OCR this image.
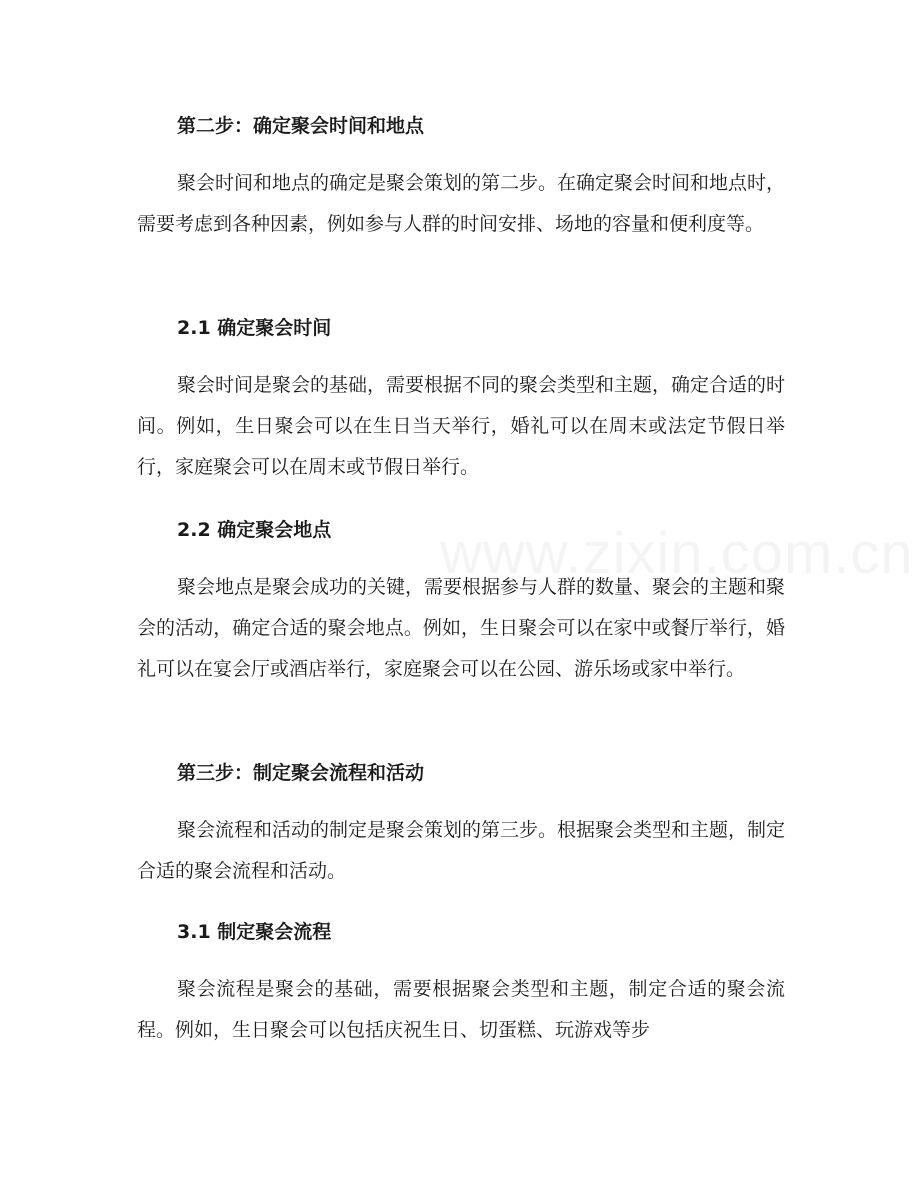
第二步：确定聚会时间和地点

聚会时间和地点的确定是聚会策划的第二步。在确定聚会时间和地点时，需要考虑到各种因素，例如参与人群的时间安排、场地的容量和便利度等。

2.1 确定聚会时间

聚会时间是聚会的基础，需要根据不同的聚会类型和主题，确定合适的时间。例如，生日聚会可以在生日当天举行，婚礼可以在周末或法定节假日举行，家庭聚会可以在周末或节假日举行。

2.2 确定聚会地点

聚会地点是聚会成功的关键，需要根据参与人群的数量、聚会的主题和聚会的活动，确定合适的聚会地点。例如，生日聚会可以在家中或餐厅举行，婚礼可以在宴会厅或酒店举行，家庭聚会可以在公园、游乐场或家中举行。

第三步：制定聚会流程和活动

聚会流程和活动的制定是聚会策划的第三步。根据聚会类型和主题，制定合适的聚会流程和活动。

3.1 制定聚会流程

聚会流程是聚会的基础，需要根据聚会类型和主题，制定合适的聚会流程。例如，生日聚会可以包括庆祝生日、切蛋糕、玩游戏等步
